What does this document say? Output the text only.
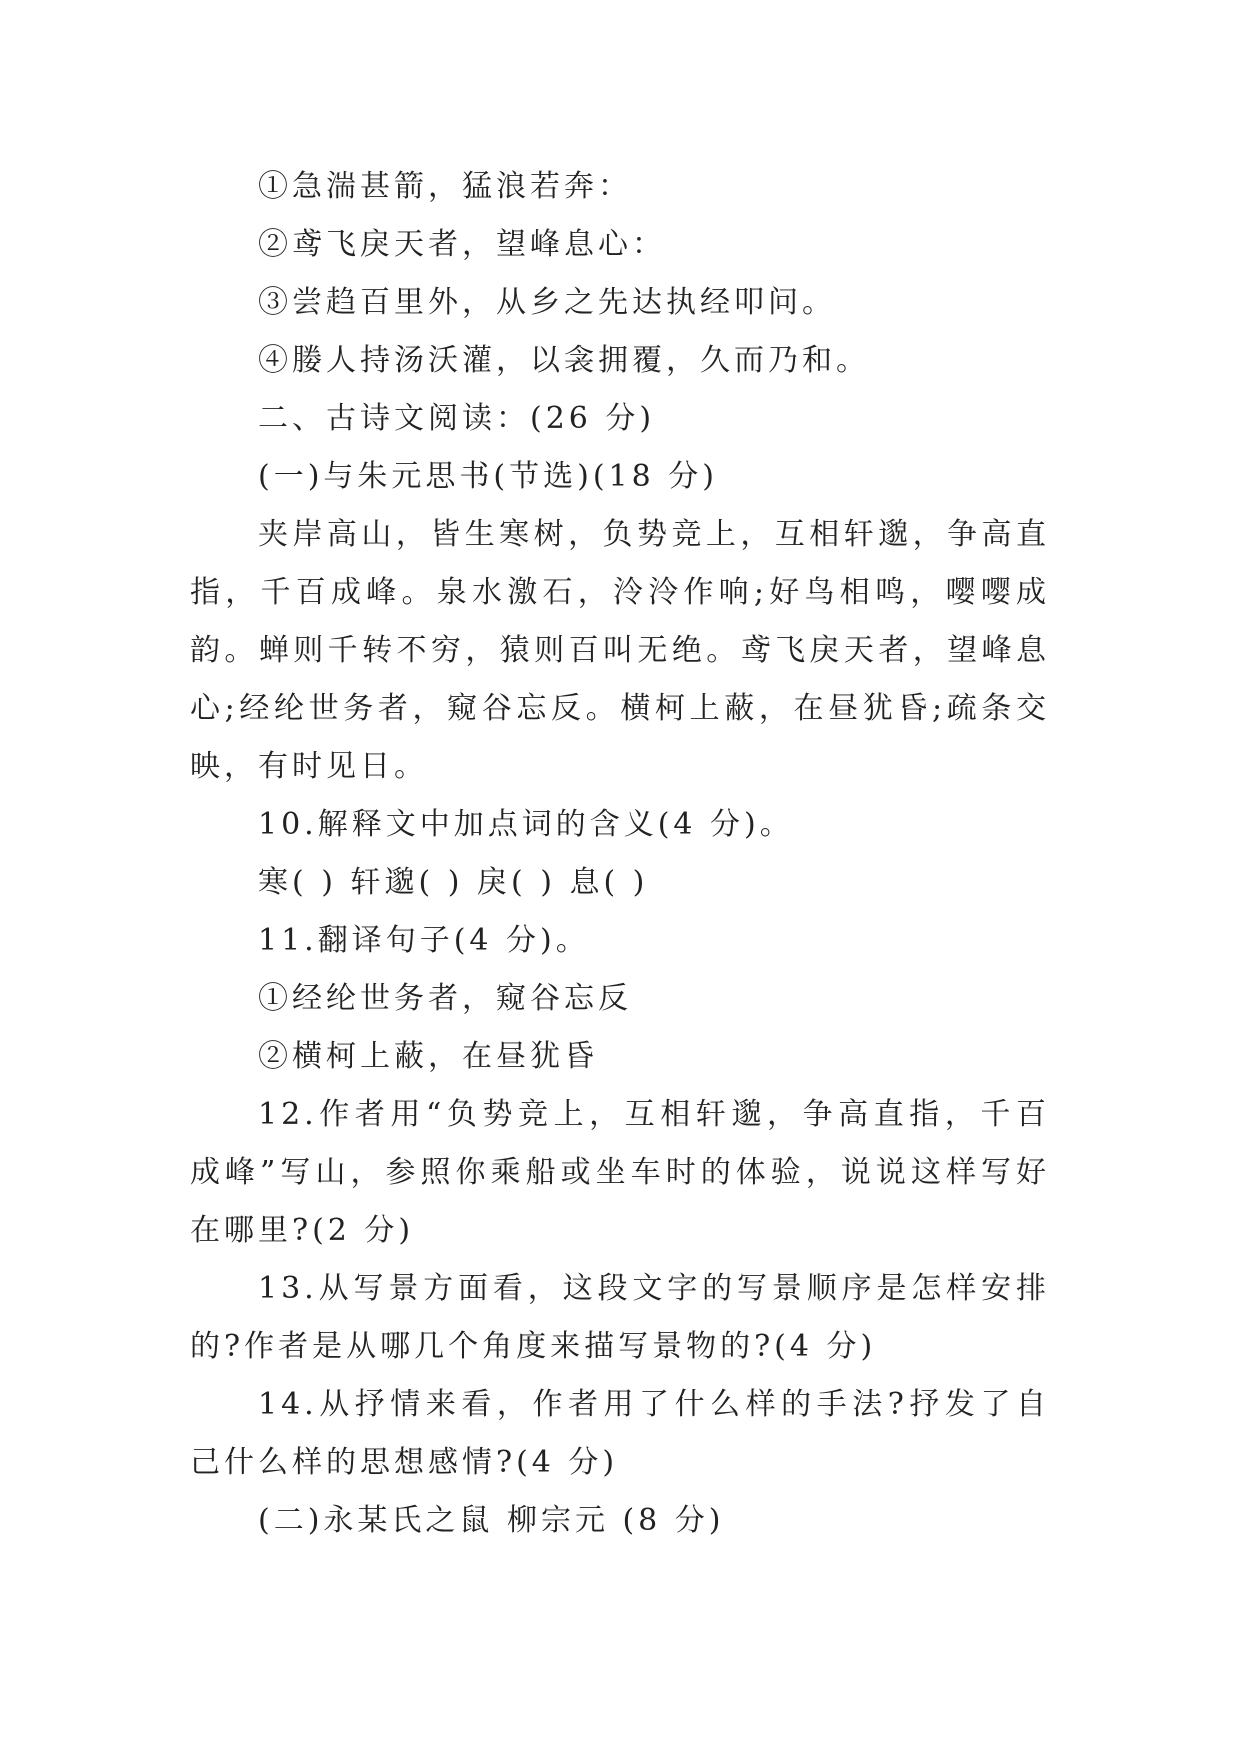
①急湍甚箭，猛浪若奔：

②鸢飞戾天者，望峰息心：

③尝趋百里外，从乡之先达执经叩问。

④媵人持汤沃灌，以衾拥覆，久而乃和。

二、古诗文阅读：(26 分)

(一)与朱元思书(节选)(18 分)

夹岸高山，皆生寒树，负势竞上，互相轩邈，争高直指，千百成峰。泉水激石，泠泠作响;好鸟相鸣，嘤嘤成韵。蝉则千转不穷，猿则百叫无绝。鸢飞戾天者，望峰息心;经纶世务者，窥谷忘反。横柯上蔽，在昼犹昏;疏条交映，有时见日。

10.解释文中加点词的含义(4 分)。

寒( ) 轩邈( ) 戾( ) 息( )

11.翻译句子(4 分)。

①经纶世务者，窥谷忘反

②横柯上蔽，在昼犹昏

12.作者用“负势竞上，互相轩邈，争高直指，千百成峰”写山，参照你乘船或坐车时的体验，说说这样写好在哪里?(2 分)

13.从写景方面看，这段文字的写景顺序是怎样安排的?作者是从哪几个角度来描写景物的?(4 分)

14.从抒情来看，作者用了什么样的手法?抒发了自己什么样的思想感情?(4 分)

(二)永某氏之鼠 柳宗元 (8 分)
